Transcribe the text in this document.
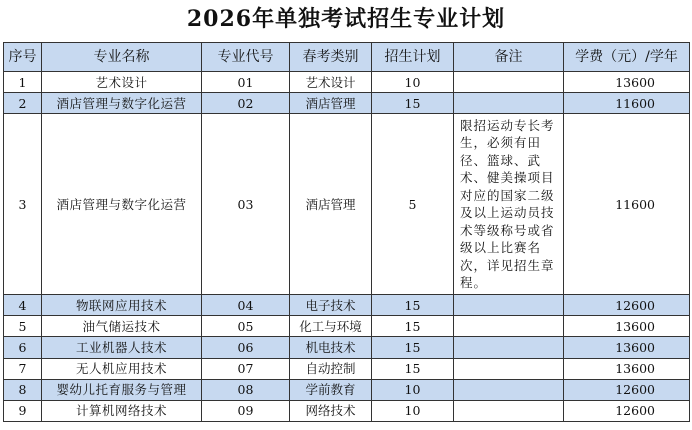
2026年单独考试招生专业计划
序号	专业名称	专业代号	春考类别	招生计划	备注	学费（元）/学年
1	艺术设计	01	艺术设计	10		13600
2	酒店管理与数字化运营	02	酒店管理	15		11600
3	酒店管理与数字化运营	03	酒店管理	5	限招运动专长考生，必须有田径、篮球、武术、健美操项目对应的国家二级及以上运动员技术等级称号或省级以上比赛名次，详见招生章程。	11600
4	物联网应用技术	04	电子技术	15		12600
5	油气储运技术	05	化工与环境	15		13600
6	工业机器人技术	06	机电技术	15		13600
7	无人机应用技术	07	自动控制	15		13600
8	婴幼儿托育服务与管理	08	学前教育	10		12600
9	计算机网络技术	09	网络技术	10		12600
